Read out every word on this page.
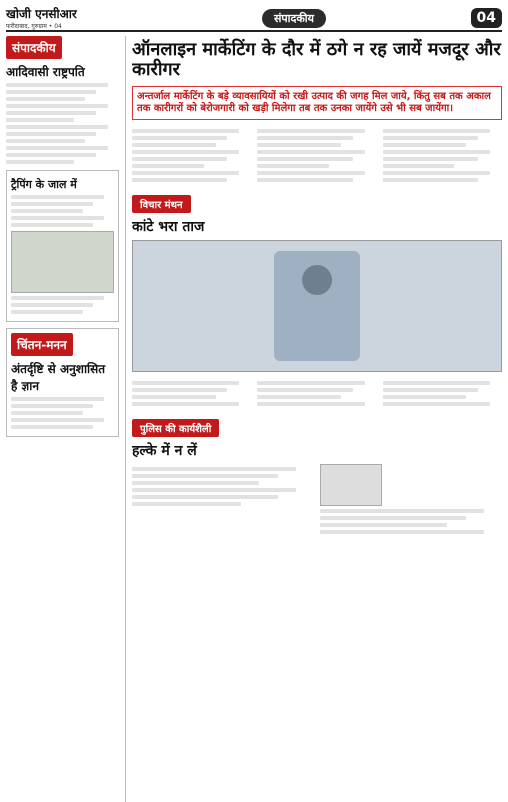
खोजी एनसीआर
फरीदाबाद, गुरुग्राम • 04
संपादकीय	04
संपादकीय
आदिवासी राष्ट्रपति
ट्रैपिंग के जाल में
चिंतन-मनन
अंतर्दृष्टि से अनुशासित है ज्ञान
ऑनलाइन मार्केटिंग के दौर में ठगे न रह जायें मजदूर और कारीगर
अन्तर्जाल मार्केटिंग के बड़े व्यावसायियों को रखी उत्पाद की जगह मिल जाये, किंतु सब तक अकाल तक कारीगरों को बेरोजगारी को खड़ी मिलेगा तब तक उनका जायेंगे उसे भी सब जायेंगा।
विचार मंथन
कांटे भरा ताज
पुलिस की कार्यशैली
हल्के में न लें
